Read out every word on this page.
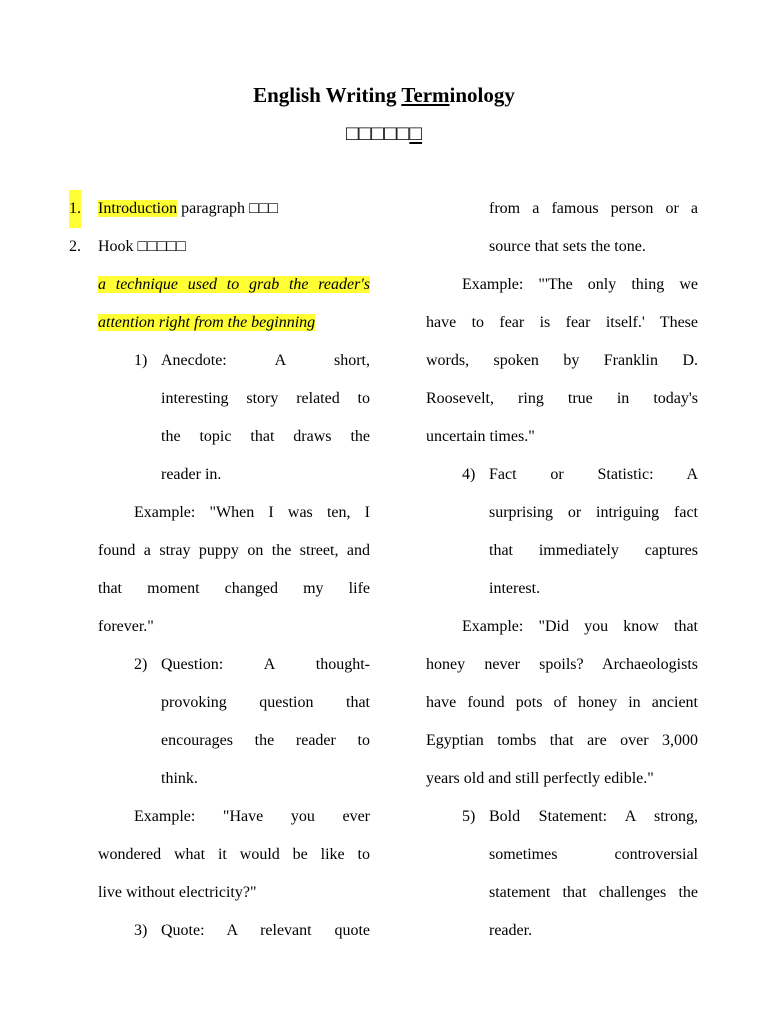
English Writing Terminology
□□□□□□
1. Introduction paragraph □□□
2. Hook □□□□□
a technique used to grab the reader's
attention right from the beginning
1) Anecdote: A short,
interesting story related to
the topic that draws the
reader in.
Example: "When I was ten, I
found a stray puppy on the street, and
that moment changed my life
forever."
2) Question: A thought-
provoking question that
encourages the reader to
think.
Example: "Have you ever
wondered what it would be like to
live without electricity?"
3) Quote: A relevant quote
from a famous person or a
source that sets the tone.
Example: "'The only thing we
have to fear is fear itself.' These
words, spoken by Franklin D.
Roosevelt, ring true in today's
uncertain times."
4) Fact or Statistic: A
surprising or intriguing fact
that immediately captures
interest.
Example: "Did you know that
honey never spoils? Archaeologists
have found pots of honey in ancient
Egyptian tombs that are over 3,000
years old and still perfectly edible."
5) Bold Statement: A strong,
sometimes controversial
statement that challenges the
reader.
